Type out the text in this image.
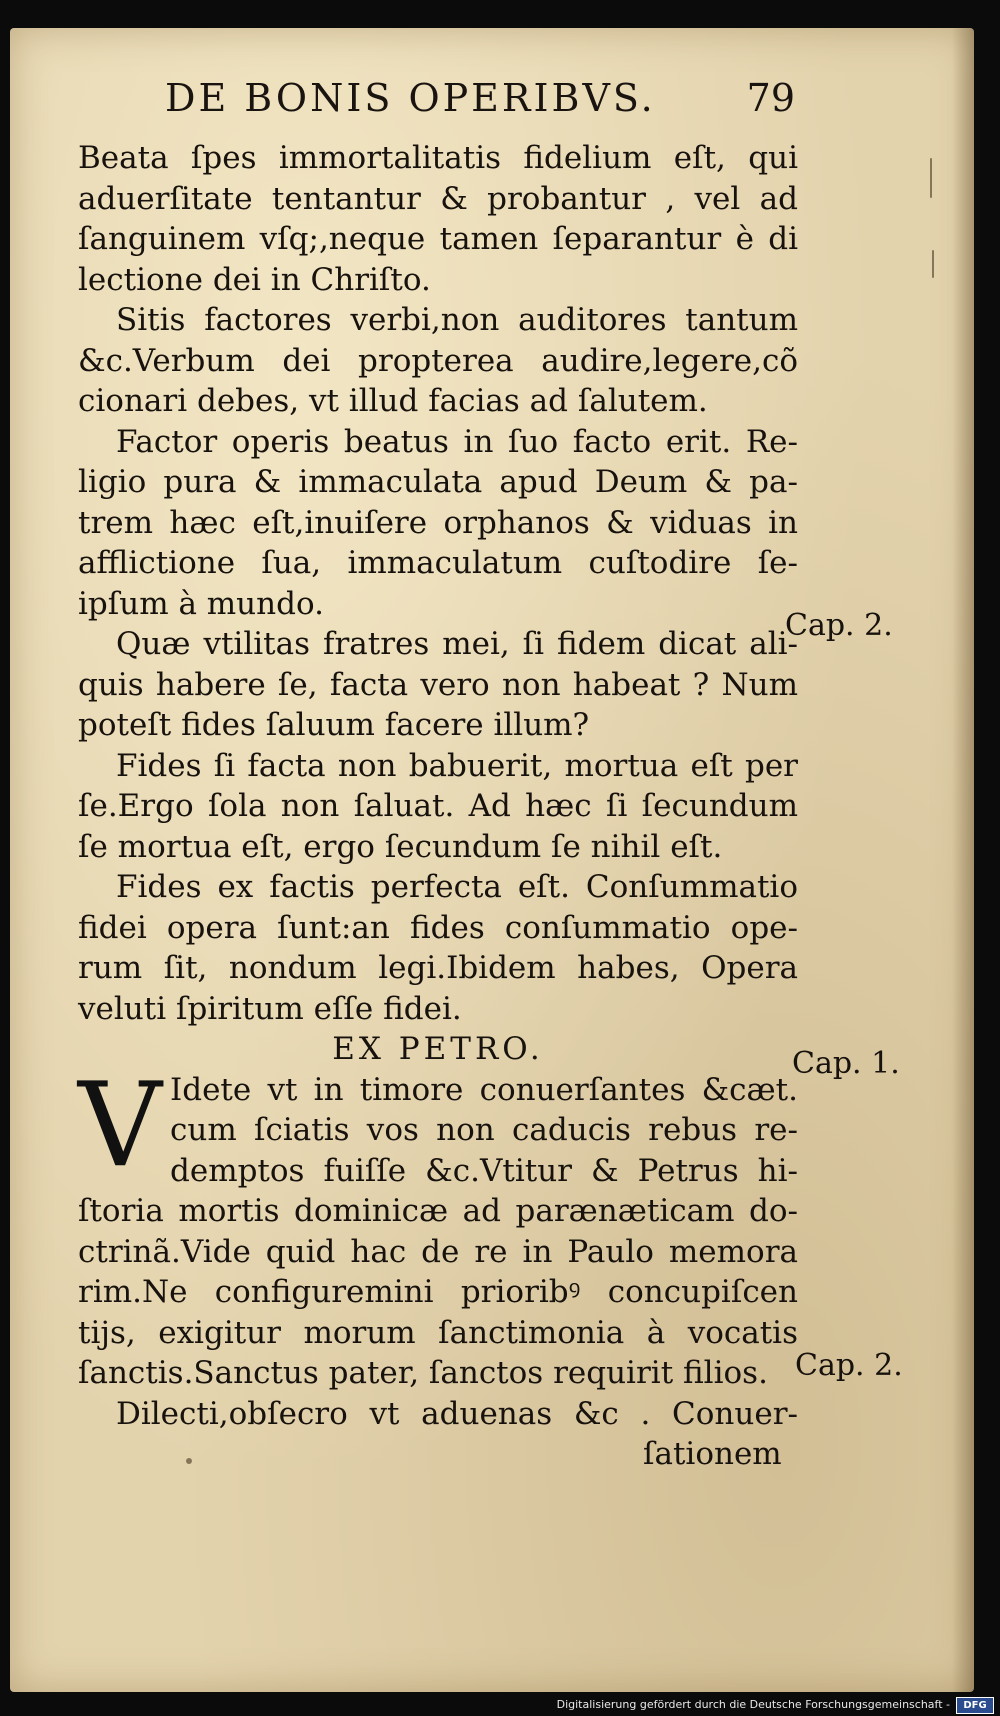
DE BONIS OPERIBVS. 79
Beata ſpes immortalitatis fidelium eſt, qui
aduerſitate tentantur & probantur , vel ad
ſanguinem vſq;,neque tamen ſeparantur è di
lectione dei in Chriſto.
Sitis factores verbi,non auditores tantum
&c.Verbum dei propterea audire,legere,cõ
cionari debes, vt illud facias ad ſalutem.
Factor operis beatus in ſuo facto erit. Re-
ligio pura & immaculata apud Deum & pa-
trem hæc eſt,inuiſere orphanos & viduas in
afflictione ſua, immaculatum cuſtodire ſe-
ipſum à mundo.
Quæ vtilitas fratres mei, ſi fidem dicat ali-
quis habere ſe, facta vero non habeat ? Num
poteſt fides ſaluum facere illum?
Fides ſi facta non babuerit, mortua eſt per
ſe.Ergo ſola non ſaluat. Ad hæc ſi ſecundum
ſe mortua eſt, ergo ſecundum ſe nihil eſt.
Fides ex factis perfecta eſt. Conſummatio
fidei opera ſunt:an fides conſummatio ope-
rum ſit, nondum legi.Ibidem habes, Opera
veluti ſpiritum eſſe fidei.
EX PETRO.
V Idete vt in timore conuerſantes &cæt.
cum ſciatis vos non caducis rebus re-
demptos fuiſſe &c.Vtitur & Petrus hi-
ſtoria mortis dominicæ ad parænæticam do-
ctrinã.Vide quid hac de re in Paulo memora
rim.Ne configuremini prioribꝰ concupiſcen
tijs, exigitur morum ſanctimonia à vocatis
ſanctis.Sanctus pater, ſanctos requirit filios.
Dilecti,obſecro vt aduenas &c . Conuer-
ſationem
Cap. 2.
Cap. 1.
Cap. 2.
Digitalisierung gefördert durch die Deutsche Forschungsgemeinschaft -	DFG
